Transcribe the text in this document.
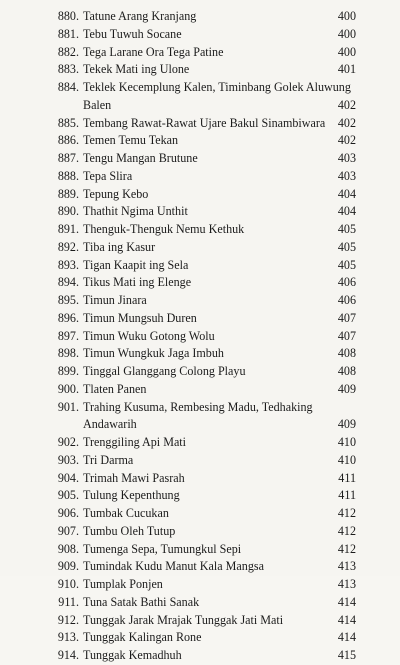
880. Tatune Arang Kranjang	400
881. Tebu Tuwuh Socane	400
882. Tega Larane Ora Tega Patine	400
883. Tekek Mati ing Ulone	401
884. Teklek Kecemplung Kalen, Timinbang Golek Aluwung
Balen	402
885. Tembang Rawat-Rawat Ujare Bakul Sinambiwara	402
886. Temen Temu Tekan	402
887. Tengu Mangan Brutune	403
888. Tepa Slira	403
889. Tepung Kebo	404
890. Thathit Ngima Unthit	404
891. Thenguk-Thenguk Nemu Kethuk	405
892. Tiba ing Kasur	405
893. Tigan Kaapit ing Sela	405
894. Tikus Mati ing Elenge	406
895. Timun Jinara	406
896. Timun Mungsuh Duren	407
897. Timun Wuku Gotong Wolu	407
898. Timun Wungkuk Jaga Imbuh	408
899. Tinggal Glanggang Colong Playu	408
900. Tlaten Panen	409
901. Trahing Kusuma, Rembesing Madu, Tedhaking
Andawarih	409
902. Trenggiling Api Mati	410
903. Tri Darma	410
904. Trimah Mawi Pasrah	411
905. Tulung Kepenthung	411
906. Tumbak Cucukan	412
907. Tumbu Oleh Tutup	412
908. Tumenga Sepa, Tumungkul Sepi	412
909. Tumindak Kudu Manut Kala Mangsa	413
910. Tumplak Ponjen	413
911. Tuna Satak Bathi Sanak	414
912. Tunggak Jarak Mrajak Tunggak Jati Mati	414
913. Tunggak Kalingan Rone	414
914. Tunggak Kemadhuh	415
